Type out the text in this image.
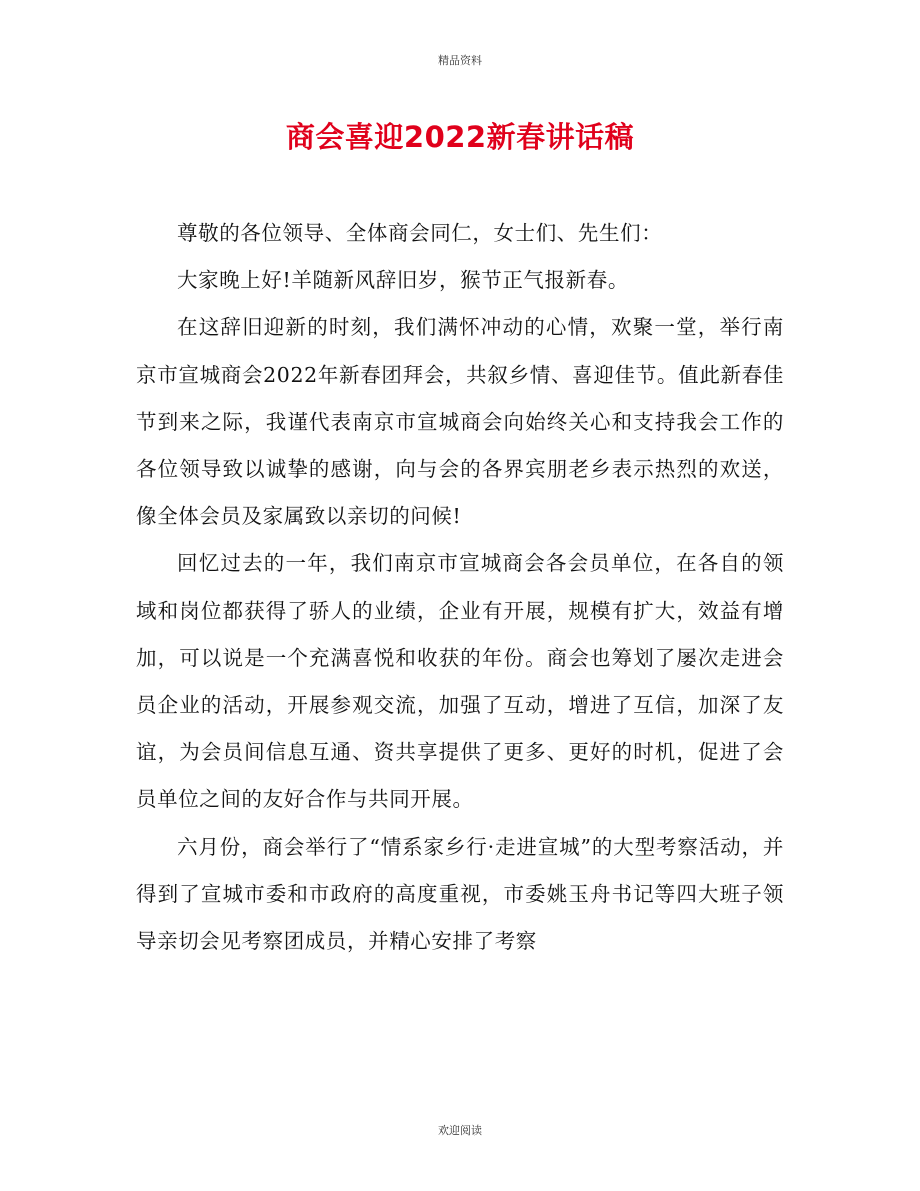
精品资料
商会喜迎2022新春讲话稿

尊敬的各位领导、全体商会同仁，女士们、先生们：

大家晚上好!羊随新风辞旧岁，猴节正气报新春。

在这辞旧迎新的时刻，我们满怀冲动的心情，欢聚一堂，举行南京市宣城商会2022年新春团拜会，共叙乡情、喜迎佳节。值此新春佳节到来之际，我谨代表南京市宣城商会向始终关心和支持我会工作的各位领导致以诚挚的感谢，向与会的各界宾朋老乡表示热烈的欢送，像全体会员及家属致以亲切的问候!

回忆过去的一年，我们南京市宣城商会各会员单位，在各自的领域和岗位都获得了骄人的业绩，企业有开展，规模有扩大，效益有增加，可以说是一个充满喜悦和收获的年份。商会也筹划了屡次走进会员企业的活动，开展参观交流，加强了互动，增进了互信，加深了友谊，为会员间信息互通、资共享提供了更多、更好的时机，促进了会员单位之间的友好合作与共同开展。

六月份，商会举行了“情系家乡行·走进宣城”的大型考察活动，并得到了宣城市委和市政府的高度重视，市委姚玉舟书记等四大班子领导亲切会见考察团成员，并精心安排了考察

欢迎阅读
